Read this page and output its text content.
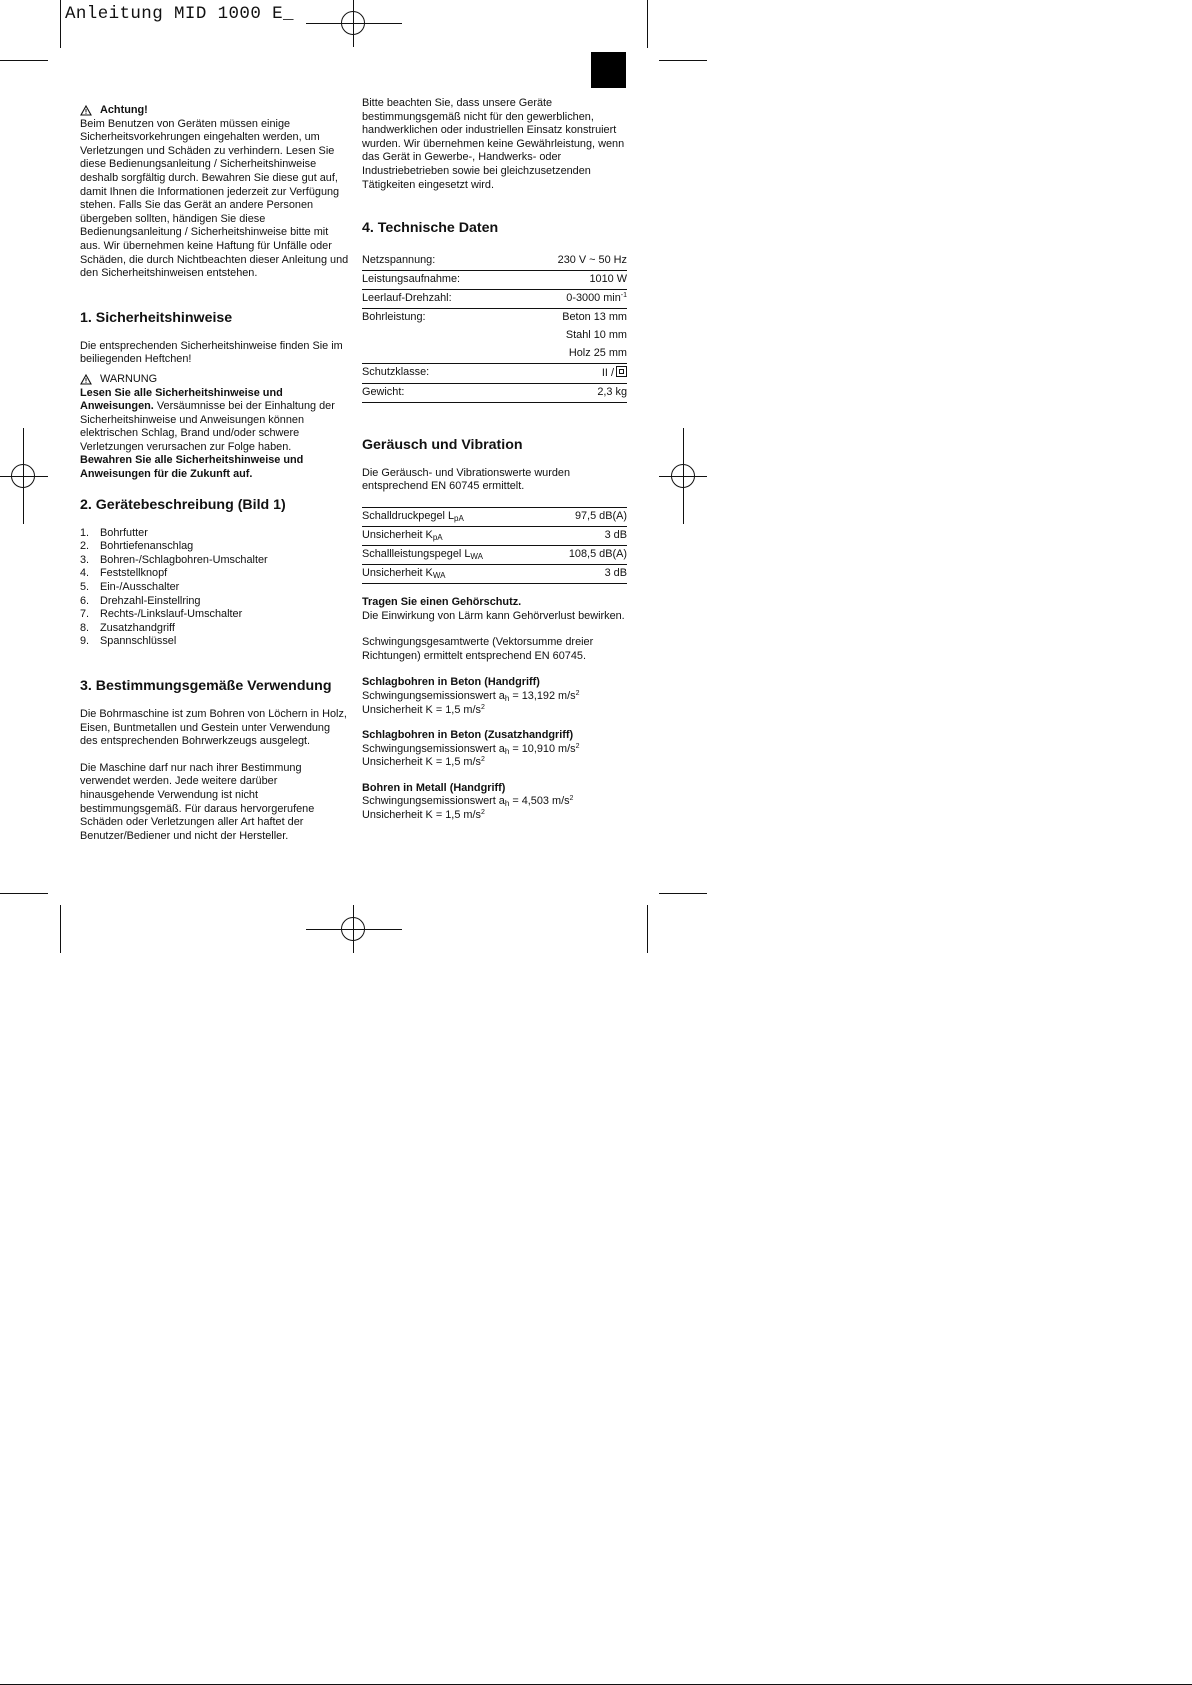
Anleitung MID 1000 E_
Achtung!

Beim Benutzen von Geräten müssen einige Sicherheitsvorkehrungen eingehalten werden, um Verletzungen und Schäden zu verhindern. Lesen Sie diese Bedienungsanleitung / Sicherheitshinweise deshalb sorgfältig durch. Bewahren Sie diese gut auf, damit Ihnen die Informationen jederzeit zur Verfügung stehen. Falls Sie das Gerät an andere Personen übergeben sollten, händigen Sie diese Bedienungsanleitung / Sicherheitshinweise bitte mit aus. Wir übernehmen keine Haftung für Unfälle oder Schäden, die durch Nichtbeachten dieser Anleitung und den Sicherheitshinweisen entstehen.

1. Sicherheitshinweise

Die entsprechenden Sicherheitshinweise finden Sie im beiliegenden Heftchen!

WARNUNG

Lesen Sie alle Sicherheitshinweise und Anweisungen. Versäumnisse bei der Einhaltung der Sicherheitshinweise und Anweisungen können elektrischen Schlag, Brand und/oder schwere Verletzungen verursachen zur Folge haben.
Bewahren Sie alle Sicherheitshinweise und Anweisungen für die Zukunft auf.

2. Gerätebeschreibung (Bild 1)
1.	Bohrfutter
2.	Bohrtiefenanschlag
3.	Bohren-/Schlagbohren-Umschalter
4.	Feststellknopf
5.	Ein-/Ausschalter
6.	Drehzahl-Einstellring
7.	Rechts-/Linkslauf-Umschalter
8.	Zusatzhandgriff
9.	Spannschlüssel
3. Bestimmungsgemäße Verwendung

Die Bohrmaschine ist zum Bohren von Löchern in Holz, Eisen, Buntmetallen und Gestein unter Verwendung des entsprechenden Bohrwerkzeugs ausgelegt.

Die Maschine darf nur nach ihrer Bestimmung verwendet werden. Jede weitere darüber hinausgehende Verwendung ist nicht bestimmungsgemäß. Für daraus hervorgerufene Schäden oder Verletzungen aller Art haftet der Benutzer/Bediener und nicht der Hersteller.

Bitte beachten Sie, dass unsere Geräte bestimmungsgemäß nicht für den gewerblichen, handwerklichen oder industriellen Einsatz konstruiert wurden. Wir übernehmen keine Gewährleistung, wenn das Gerät in Gewerbe-, Handwerks- oder Industriebetrieben sowie bei gleichzusetzenden Tätigkeiten eingesetzt wird.

4. Technische Daten
Netzspannung:	230 V ~ 50 Hz
Leistungsaufnahme:	1010 W
Leerlauf-Drehzahl:	0-3000 $\min^{-1}$
Bohrleistung:	Beton 13 mm
	Stahl 10 mm
	Holz 25 mm
Schutzklasse:	II /
Gewicht:	2,3 kg
Geräusch und Vibration

Die Geräusch- und Vibrationswerte wurden entsprechend EN 60745 ermittelt.

Schalldruckpegel $L_{pA}$	97,5 dB(A)
Unsicherheit $K_{pA}$	3 dB
Schallleistungspegel $L_{WA}$	108,5 dB(A)
Unsicherheit $K_{WA}$	3 dB

Tragen Sie einen Gehörschutz.
Die Einwirkung von Lärm kann Gehörverlust bewirken.

Schwingungsgesamtwerte (Vektorsumme dreier Richtungen) ermittelt entsprechend EN 60745.

Schlagbohren in Beton (Handgriff)

Schwingungsemissionswert $a_h = 13,192$ $m/s^2$

Unsicherheit K = 1,5 $m/s^2$

Schlagbohren in Beton (Zusatzhandgriff)

Schwingungsemissionswert $a_h = 10,910$ $m/s^2$

Unsicherheit K = 1,5 $m/s^2$

Bohren in Metall (Handgriff)

Schwingungsemissionswert $a_h = 4,503$ $m/s^2$

Unsicherheit K = 1,5 $m/s^2$
